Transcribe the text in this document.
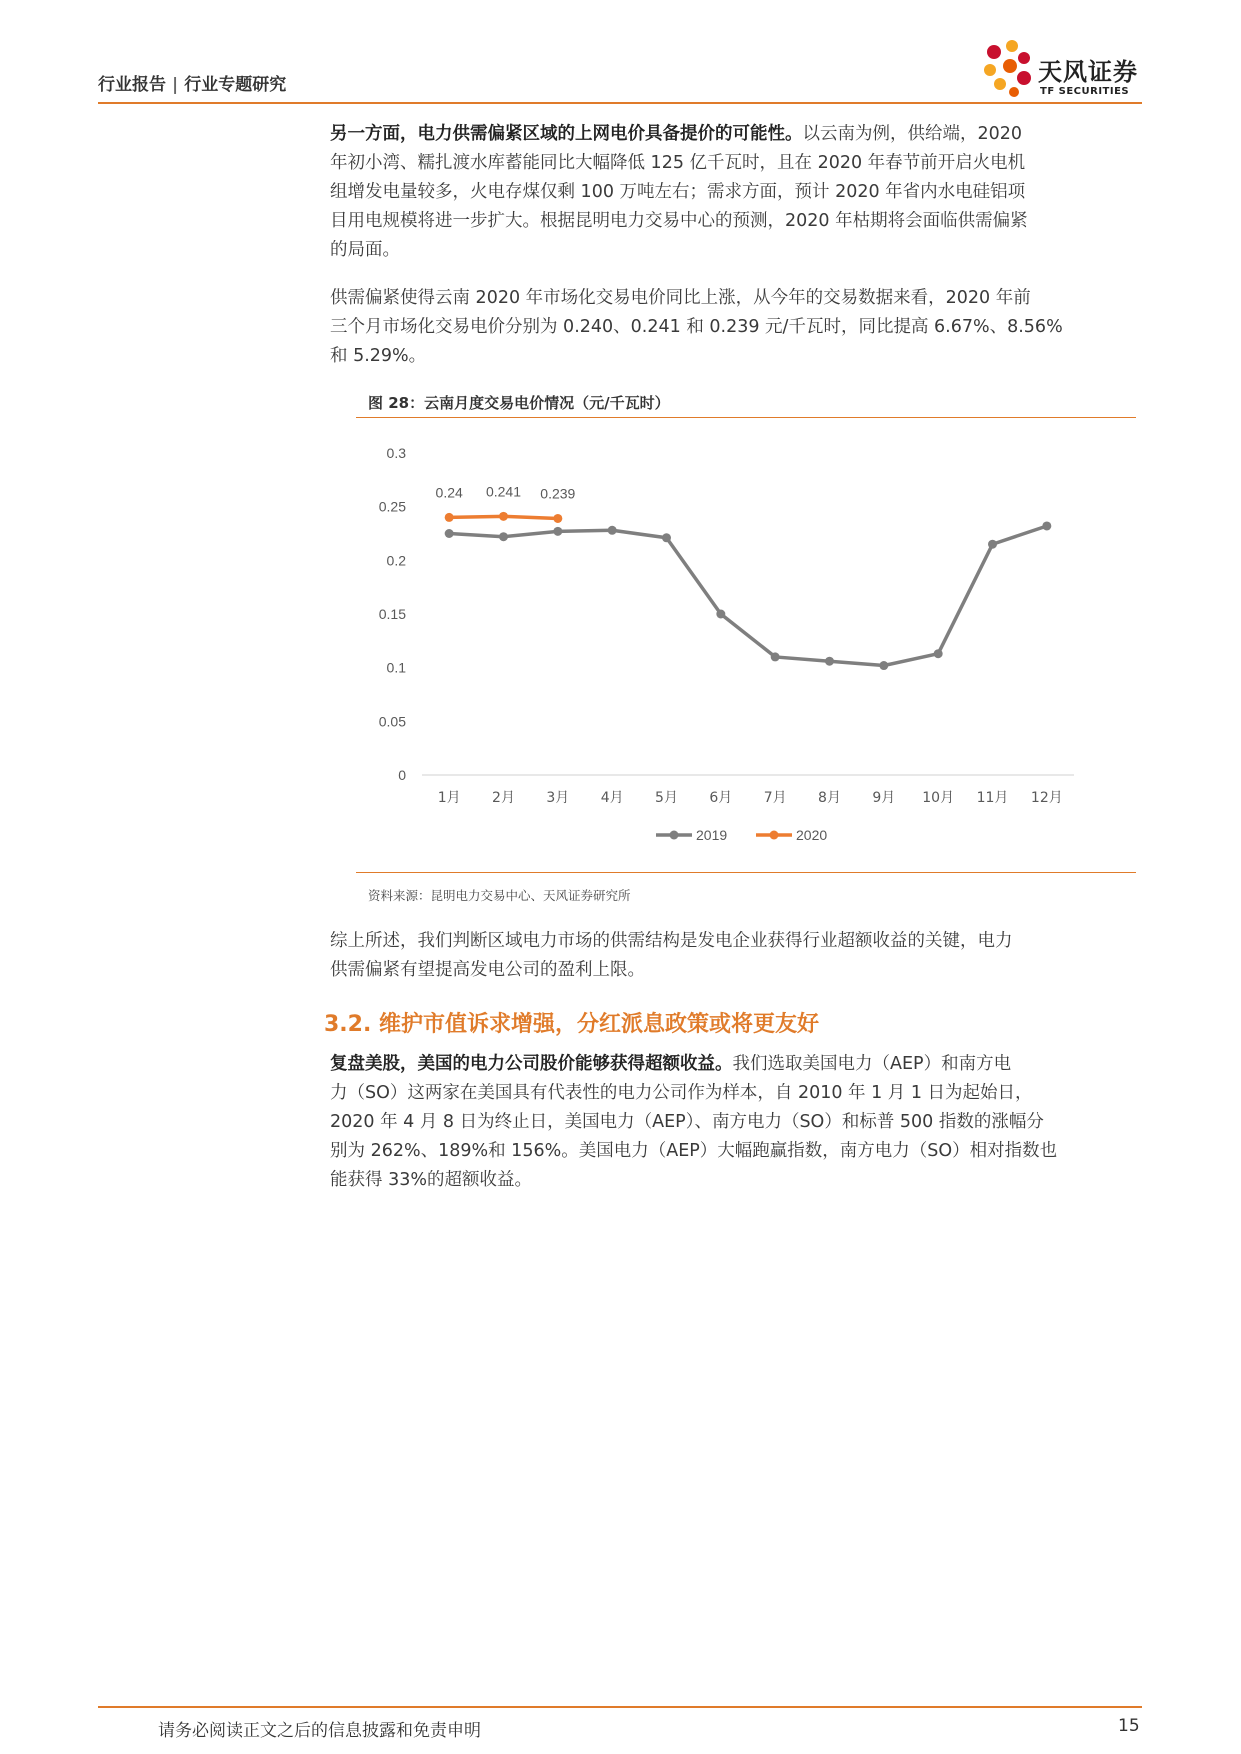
行业报告 | 行业专题研究	天风证券
TF SECURITIES
另一方面，电力供需偏紧区域的上网电价具备提价的可能性。以云南为例，供给端，2020
年初小湾、糯扎渡水库蓄能同比大幅降低 125 亿千瓦时，且在 2020 年春节前开启火电机
组增发电量较多，火电存煤仅剩 100 万吨左右；需求方面，预计 2020 年省内水电硅铝项
目用电规模将进一步扩大。根据昆明电力交易中心的预测，2020 年枯期将会面临供需偏紧
的局面。
供需偏紧使得云南 2020 年市场化交易电价同比上涨，从今年的交易数据来看，2020 年前
三个月市场化交易电价分别为 0.240、0.241 和 0.239 元/千瓦时，同比提高 6.67%、8.56%
和 5.29%。
图 28：云南月度交易电价情况（元/千瓦时）
0
0.05
0.1
0.15
0.2
0.25
0.3
1月 2月 3月 4月 5月 6月 7月 8月 9月 10月 11月 12月
0.24 0.241 0.239
2019	2020
资料来源：昆明电力交易中心、天风证券研究所
综上所述，我们判断区域电力市场的供需结构是发电企业获得行业超额收益的关键，电力
供需偏紧有望提高发电公司的盈利上限。
3.2. 维护市值诉求增强，分红派息政策或将更友好
复盘美股，美国的电力公司股价能够获得超额收益。我们选取美国电力（AEP）和南方电
力（SO）这两家在美国具有代表性的电力公司作为样本，自 2010 年 1 月 1 日为起始日，
2020 年 4 月 8 日为终止日，美国电力（AEP）、南方电力（SO）和标普 500 指数的涨幅分
别为 262%、189%和 156%。美国电力（AEP）大幅跑赢指数，南方电力（SO）相对指数也
能获得 33%的超额收益。
请务必阅读正文之后的信息披露和免责申明	15
